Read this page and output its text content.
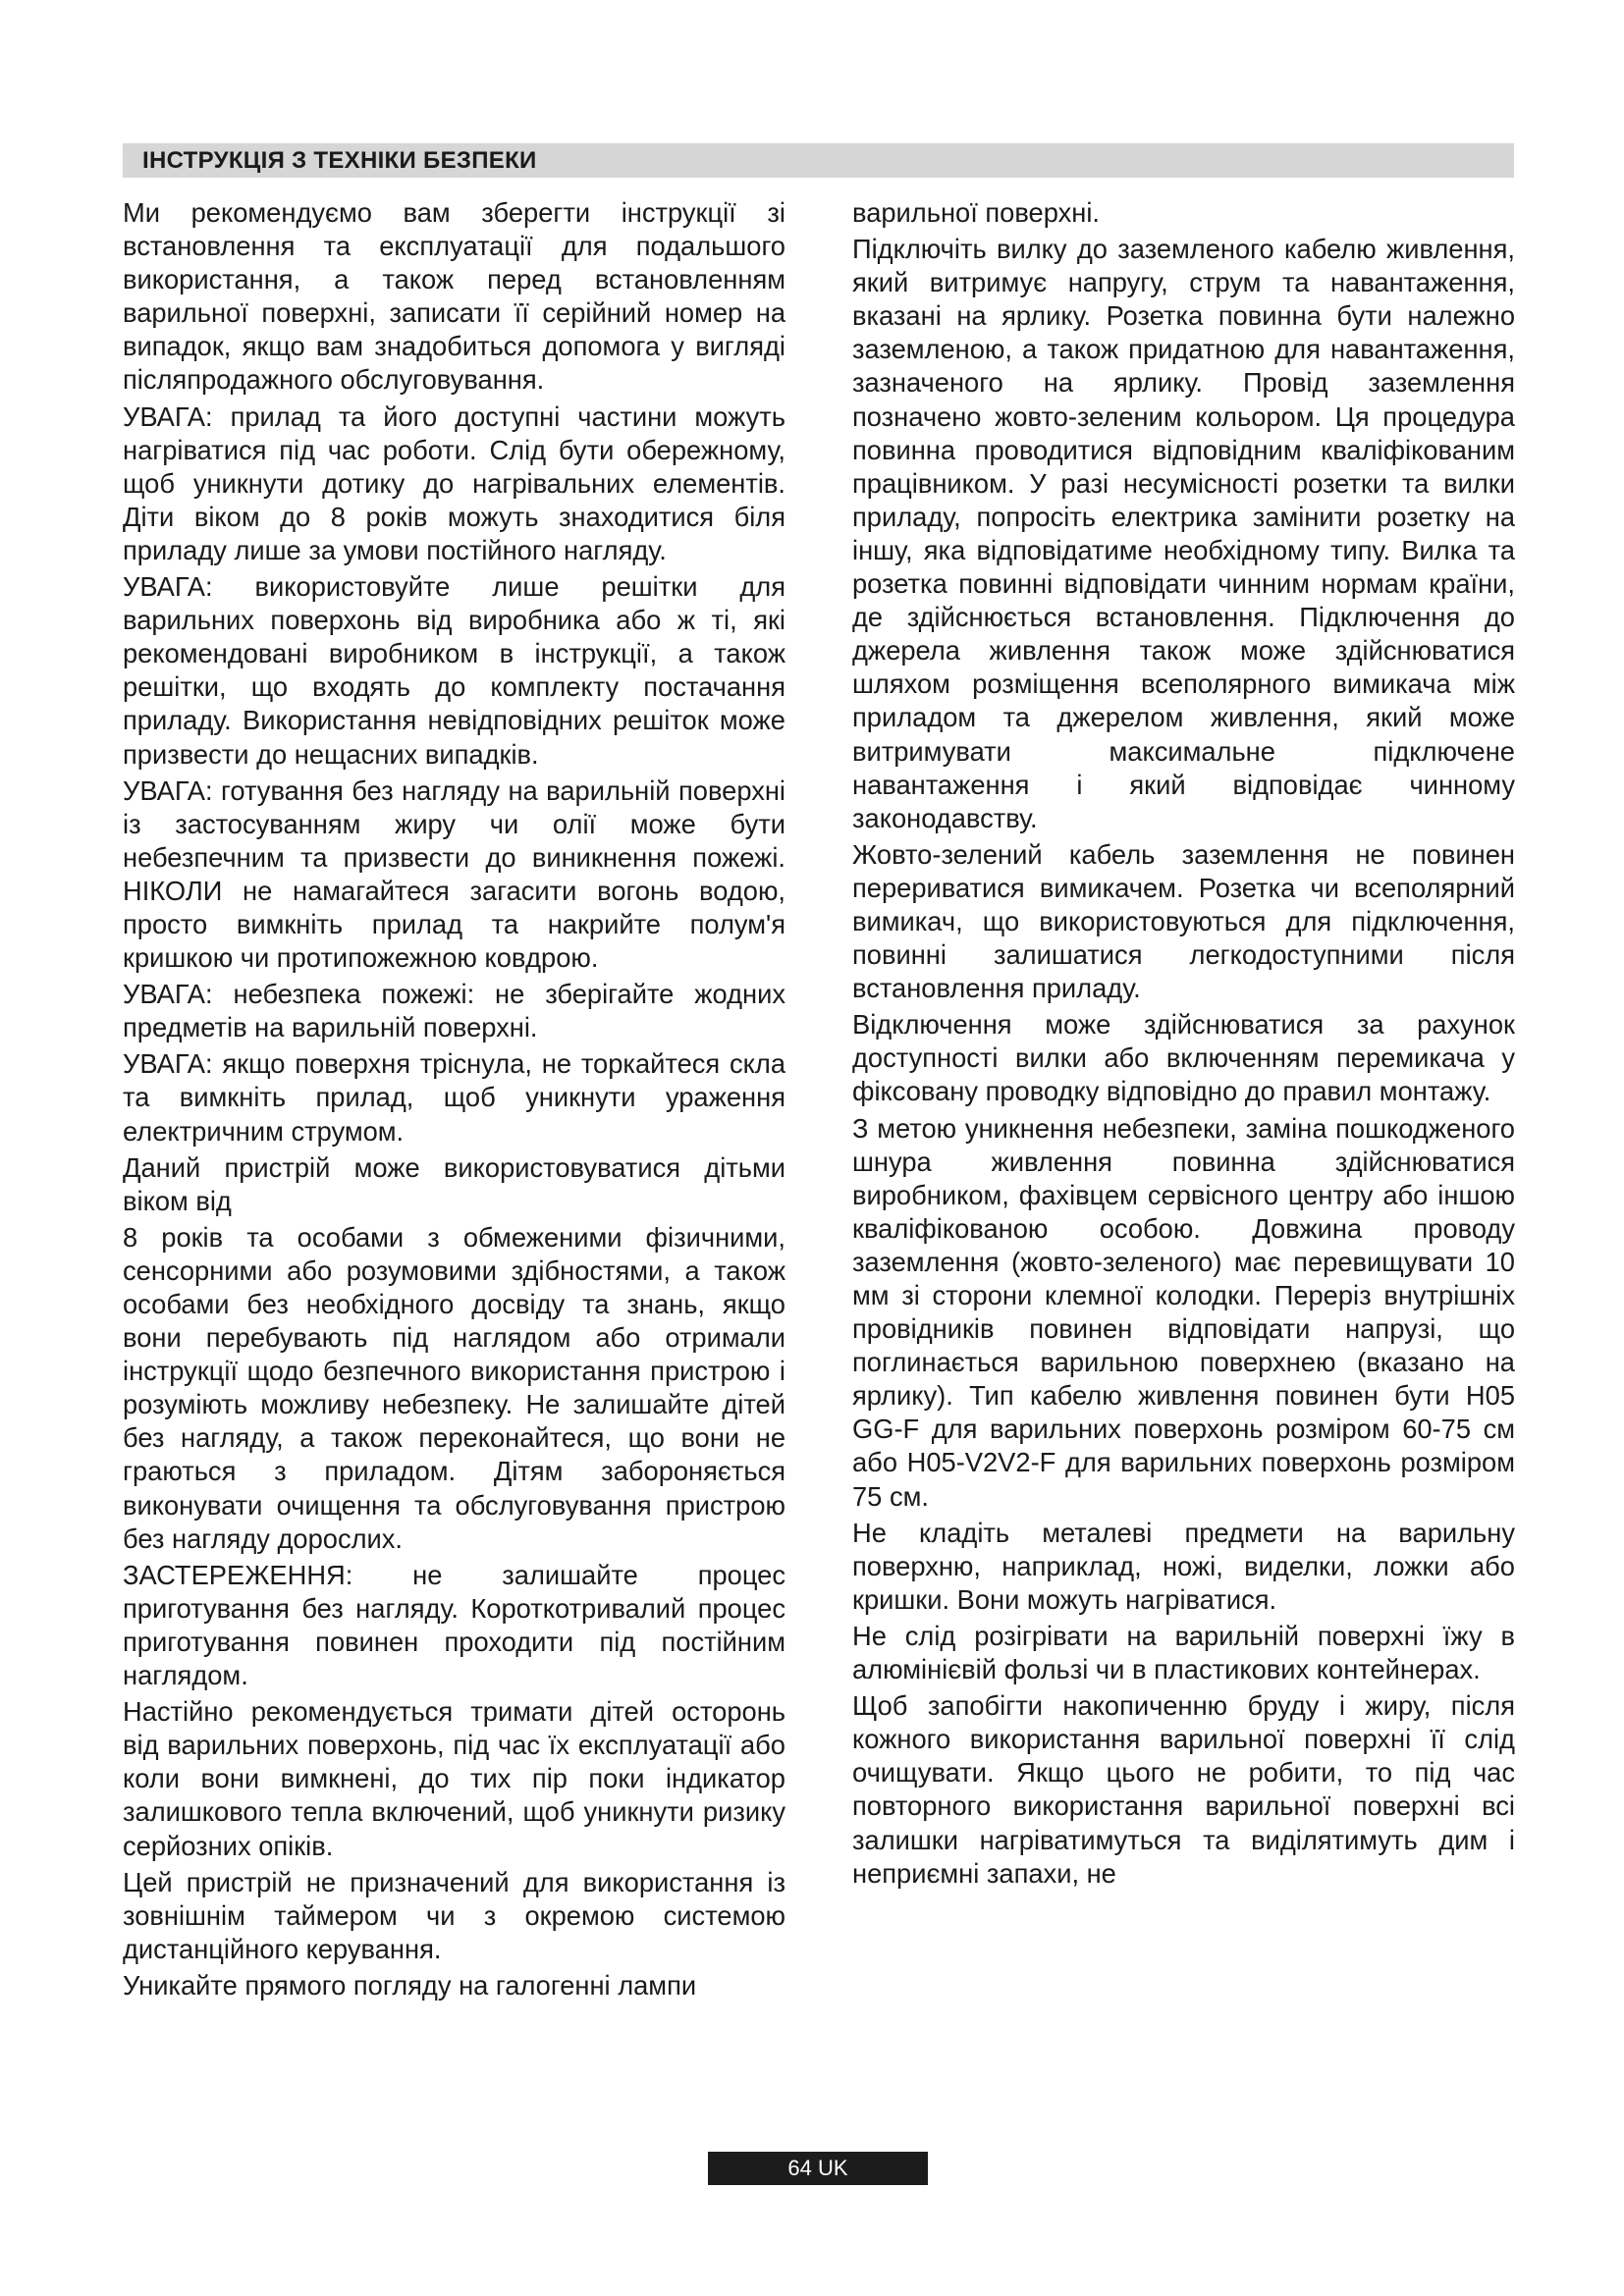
ІНСТРУКЦІЯ З ТЕХНІКИ БЕЗПЕКИ

Ми рекомендуємо вам зберегти інструкції зі встановлення та експлуатації для подальшого використання, а також перед встановленням варильної поверхні, записати її серійний номер на випадок, якщо вам знадобиться допомога у вигляді післяпродажного обслуговування.

УВАГА: прилад та його доступні частини можуть нагріватися під час роботи. Слід бути обережному, щоб уникнути дотику до нагрівальних елементів. Діти віком до 8 років можуть знаходитися біля приладу лише за умови постійного нагляду.

УВАГА: використовуйте лише решітки для варильних поверхонь від виробника або ж ті, які рекомендовані виробником в інструкції, а також решітки, що входять до комплекту постачання приладу. Використання невідповідних решіток може призвести до нещасних випадків.

УВАГА: готування без нагляду на варильній поверхні із застосуванням жиру чи олії може бути небезпечним та призвести до виникнення пожежі. НІКОЛИ не намагайтеся загасити вогонь водою, просто вимкніть прилад та накрийте полум'я кришкою чи протипожежною ковдрою.

УВАГА: небезпека пожежі: не зберігайте жодних предметів на варильній поверхні.

УВАГА: якщо поверхня тріснула, не торкайтеся скла та вимкніть прилад, щоб уникнути ураження електричним струмом.

Даний пристрій може використовуватися дітьми віком від

8 років та особами з обмеженими фізичними, сенсорними або розумовими здібностями, а також особами без необхідного досвіду та знань, якщо вони перебувають під наглядом або отримали інструкції щодо безпечного використання пристрою і розуміють можливу небезпеку. Не залишайте дітей без нагляду, а також переконайтеся, що вони не граються з приладом. Дітям забороняється виконувати очищення та обслуговування пристрою без нагляду дорослих.

ЗАСТЕРЕЖЕННЯ: не залишайте процес приготування без нагляду. Короткотривалий процес приготування повинен проходити під постійним наглядом.

Настійно рекомендується тримати дітей осторонь від варильних поверхонь, під час їх експлуатації або коли вони вимкнені, до тих пір поки індикатор залишкового тепла включений, щоб уникнути ризику серйозних опіків.

Цей пристрій не призначений для використання із зовнішнім таймером чи з окремою системою дистанційного керування.

Уникайте прямого погляду на галогенні лампи

варильної поверхні.

Підключіть вилку до заземленого кабелю живлення, який витримує напругу, струм та навантаження, вказані на ярлику. Розетка повинна бути належно заземленою, а також придатною для навантаження, зазначеного на ярлику. Провід заземлення позначено жовто-зеленим кольором. Ця процедура повинна проводитися відповідним кваліфікованим працівником. У разі несумісності розетки та вилки приладу, попросіть електрика замінити розетку на іншу, яка відповідатиме необхідному типу. Вилка та розетка повинні відповідати чинним нормам країни, де здійснюється встановлення. Підключення до джерела живлення також може здійснюватися шляхом розміщення всеполярного вимикача між приладом та джерелом живлення, який може витримувати максимальне підключене навантаження і який відповідає чинному законодавству.

Жовто-зелений кабель заземлення не повинен перериватися вимикачем. Розетка чи всеполярний вимикач, що використовуються для підключення, повинні залишатися легкодоступними після встановлення приладу.

Відключення може здійснюватися за рахунок доступності вилки або включенням перемикача у фіксовану проводку відповідно до правил монтажу.

З метою уникнення небезпеки, заміна пошкодженого шнура живлення повинна здійснюватися виробником, фахівцем сервісного центру або іншою кваліфікованою особою. Довжина проводу заземлення (жовто-зеленого) має перевищувати 10 мм зі сторони клемної колодки. Переріз внутрішніх провідників повинен відповідати напрузі, що поглинається варильною поверхнею (вказано на ярлику). Тип кабелю живлення повинен бути H05 GG-F для варильних поверхонь розміром 60-75 см або H05-V2V2-F для варильних поверхонь розміром 75 см.

Не кладіть металеві предмети на варильну поверхню, наприклад, ножі, виделки, ложки або кришки. Вони можуть нагріватися.

Не слід розігрівати на варильній поверхні їжу в алюмінієвій фользі чи в пластикових контейнерах.

Щоб запобігти накопиченню бруду і жиру, після кожного використання варильної поверхні її слід очищувати. Якщо цього не робити, то під час повторного використання варильної поверхні всі залишки нагріватимуться та виділятимуть дим і неприємні запахи, не

64 UK
